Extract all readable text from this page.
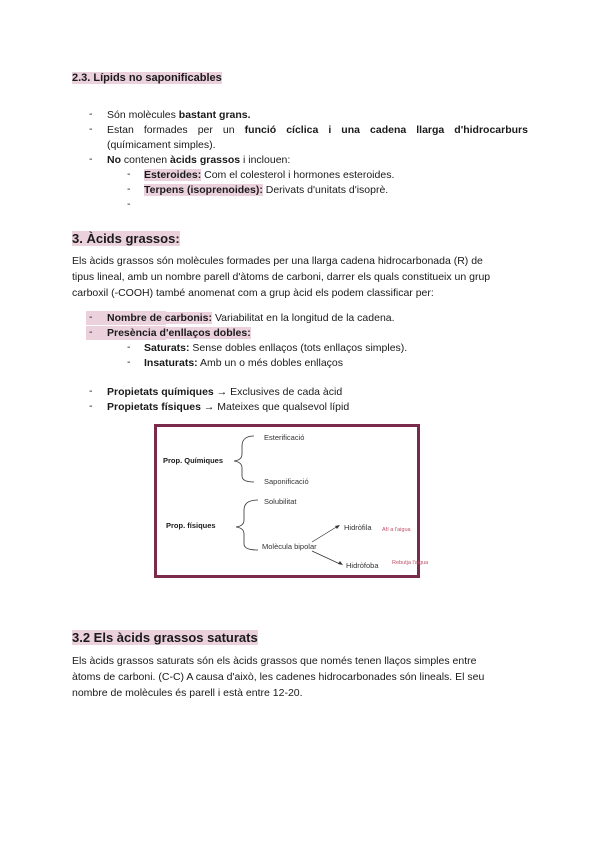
2.3. Lípids no saponificables
- Són molècules bastant grans.
- Estan formades per un funció cíclica i una cadena llarga d'hidrocarburs
(químicament simples).
- No contenen àcids grassos i inclouen:
- Esteroides: Com el colesterol i hormones esteroides.
- Terpens (isoprenoides): Derivats d'unitats d'isoprè.
-
3. Àcids grassos:
Els àcids grassos són molècules formades per una llarga cadena hidrocarbonada (R) de
tipus lineal, amb un nombre parell d'àtoms de carboni, darrer els quals constitueix un grup
carboxil (-COOH) també anomenat com a grup àcid els podem classificar per:
- Nombre de carbonis: Variabilitat en la longitud de la cadena.
- Presència d'enllaços dobles:
- Saturats: Sense dobles enllaços (tots enllaços simples).
- Insaturats: Amb un o més dobles enllaços
- Propietats químiques → Exclusives de cada àcid
- Propietats físiques → Mateixes que qualsevol lípid
Prop. Químiques
Esterificació
Saponificació
Prop. físiques
Solubilitat
Molècula bipolar
Hidròfila
Hidròfoba
Afí a l'aigua
Rebutja l'aigua
3.2 Els àcids grassos saturats
Els àcids grassos saturats són els àcids grassos que només tenen llaços simples entre
àtoms de carboni. (C-C) A causa d'això, les cadenes hidrocarbonades són lineals. El seu
nombre de molècules és parell i està entre 12-20.
